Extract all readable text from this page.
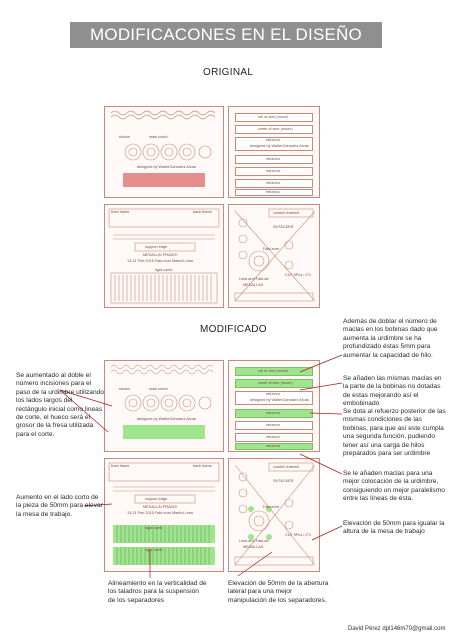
MODIFICACONES EN EL DISEÑO ORINAL
ORIGINAL
MODIFICADO
main comb
shown
designed by WalterGonzalez Arcas
roll of wire (moon)
comb of wire (moon)
refuerzo
designed by WalterGonzalez Arcas
refuerzo
refuerzo
refuerzo
refuerzo
front frame	back frame
support edge
MEDALLA! PRADO!
13-21 Feb 2015 FabLeom Madrid Lima
rigid comb
comb/b frame/b
SHTACKER
FabLeom
MEDALLAS
Lima and FabLab
CUT 5Pcs / 2*1
main comb
shown
designed by WalterGonzalez Arcas
roll of wire (moon)
comb of wire (moon)
refuerzo
designed by WalterGonzalez Arcas
refuerzo
refuerzo
refuerzo
refuerzo
front frame	back frame
support edge
MEDALLA! PRADO!
13-21 Feb 2015 FabLeom Madrid Lima
rigid comb
rigid comb
comb/b frame/b
SHTACKER
FabLeom
MEDALLAS
Lima and FabLab
CUT 5Pcs / 2*1
Además de doblar el número de maclas en los bobinas dado que aumenta la urdimbre se ha profundizado éstas 5mm para aumentar la capacidad de hilo.
Se añaden las mismas maclas en la parte de la bobinas no dotadas de estas mejorando así el embobinado
Se dota al refuerzo posterior de las mismas condiciones de las bobinas, para que así este cumpla una segunda función, pudiendo tener así una carga de hilos preparados para ser urdimbre
Se le añaden maclas para una mejor colocación de la urdimbre, consiguiendo un mejor paralelismo entre las líneas de ésta.
Elevación de 50mm para igualar la altura de la mesa de trabajo
Se aumentado al doble el número incisiones para el paso de la urdimbre utilizando los lados largos del rectángulo inicial como lineas de corte, el hueco será el grosor de la fresa utilizada para el corte.
Aumento en el lado corto de la pieza de 50mm para elevar la mesa de trabajo.
Alineamiento en la verticalidad de los taladros para la suspensión de los separadores
Elevación de 50mm de la abertura lateral para una mejor manipulación de los separadores.
David Pérez dpl146m70@gmail.com
